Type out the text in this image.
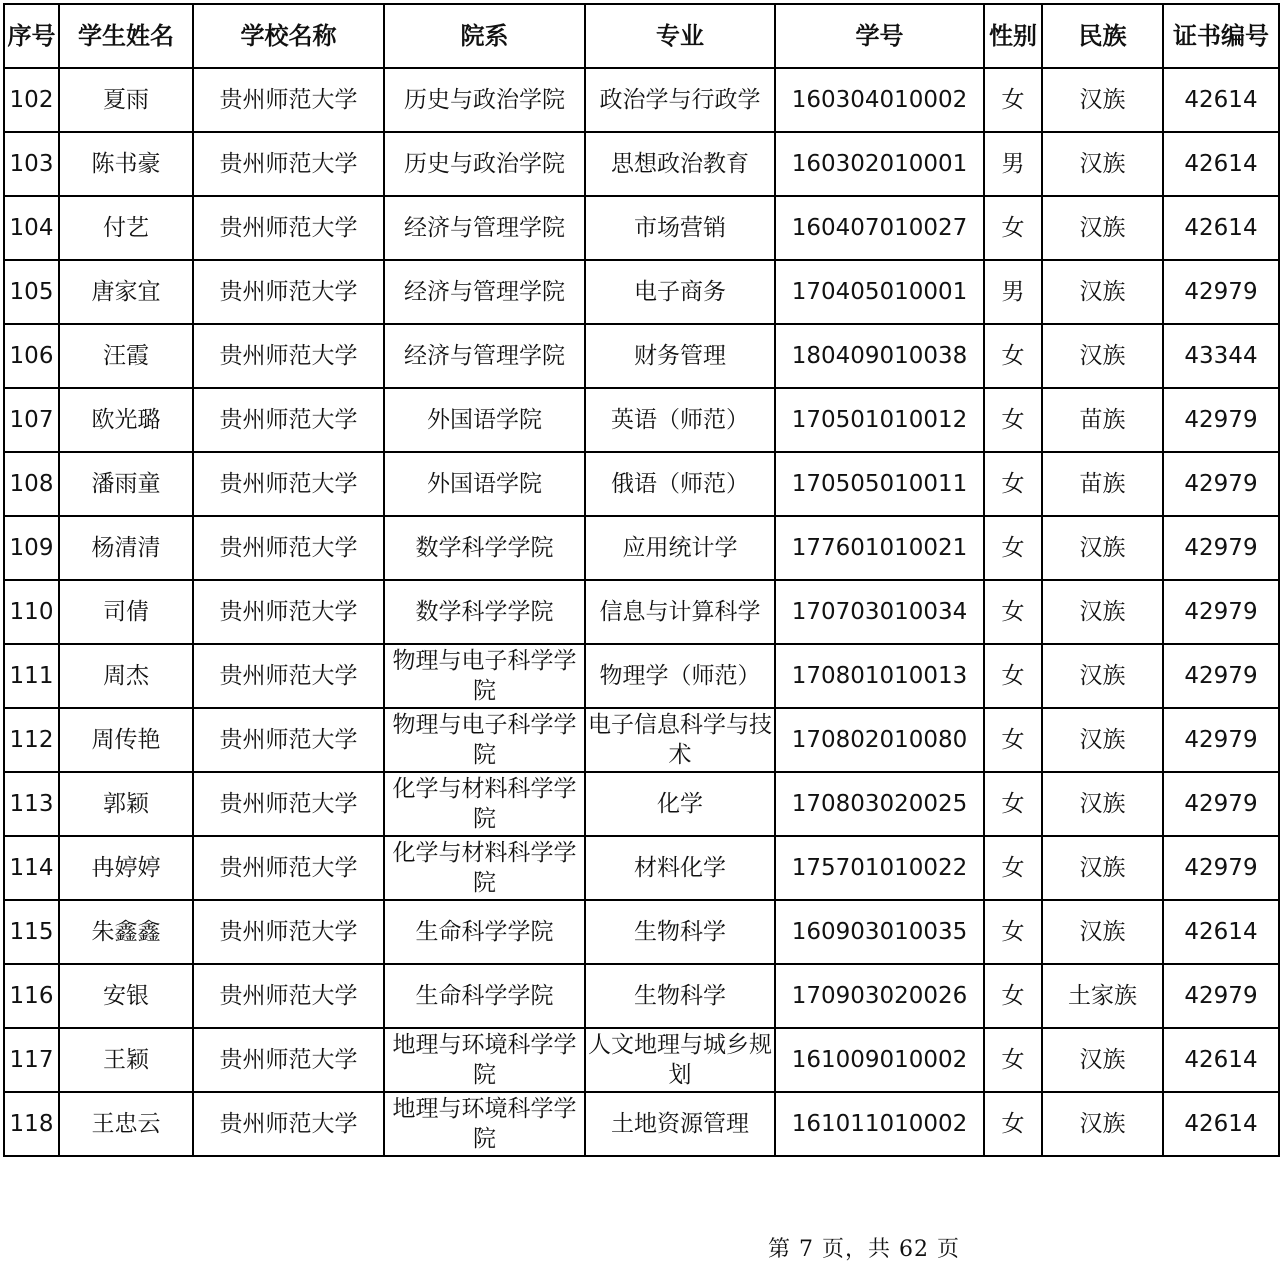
序号	学生姓名	学校名称	院系	专业	学号	性别	民族	证书编号
102	夏雨	贵州师范大学	历史与政治学院	政治学与行政学	160304010002	女	汉族	42614
103	陈书豪	贵州师范大学	历史与政治学院	思想政治教育	160302010001	男	汉族	42614
104	付艺	贵州师范大学	经济与管理学院	市场营销	160407010027	女	汉族	42614
105	唐家宜	贵州师范大学	经济与管理学院	电子商务	170405010001	男	汉族	42979
106	汪霞	贵州师范大学	经济与管理学院	财务管理	180409010038	女	汉族	43344
107	欧光璐	贵州师范大学	外国语学院	英语（师范）	170501010012	女	苗族	42979
108	潘雨童	贵州师范大学	外国语学院	俄语（师范）	170505010011	女	苗族	42979
109	杨清清	贵州师范大学	数学科学学院	应用统计学	177601010021	女	汉族	42979
110	司倩	贵州师范大学	数学科学学院	信息与计算科学	170703010034	女	汉族	42979
111	周杰	贵州师范大学	物理与电子科学学院	物理学（师范）	170801010013	女	汉族	42979
112	周传艳	贵州师范大学	物理与电子科学学院	电子信息科学与技术	170802010080	女	汉族	42979
113	郭颖	贵州师范大学	化学与材料科学学院	化学	170803020025	女	汉族	42979
114	冉婷婷	贵州师范大学	化学与材料科学学院	材料化学	175701010022	女	汉族	42979
115	朱鑫鑫	贵州师范大学	生命科学学院	生物科学	160903010035	女	汉族	42614
116	安银	贵州师范大学	生命科学学院	生物科学	170903020026	女	土家族	42979
117	王颖	贵州师范大学	地理与环境科学学院	人文地理与城乡规划	161009010002	女	汉族	42614
118	王忠云	贵州师范大学	地理与环境科学学院	土地资源管理	161011010002	女	汉族	42614
第 7 页，共 62 页
